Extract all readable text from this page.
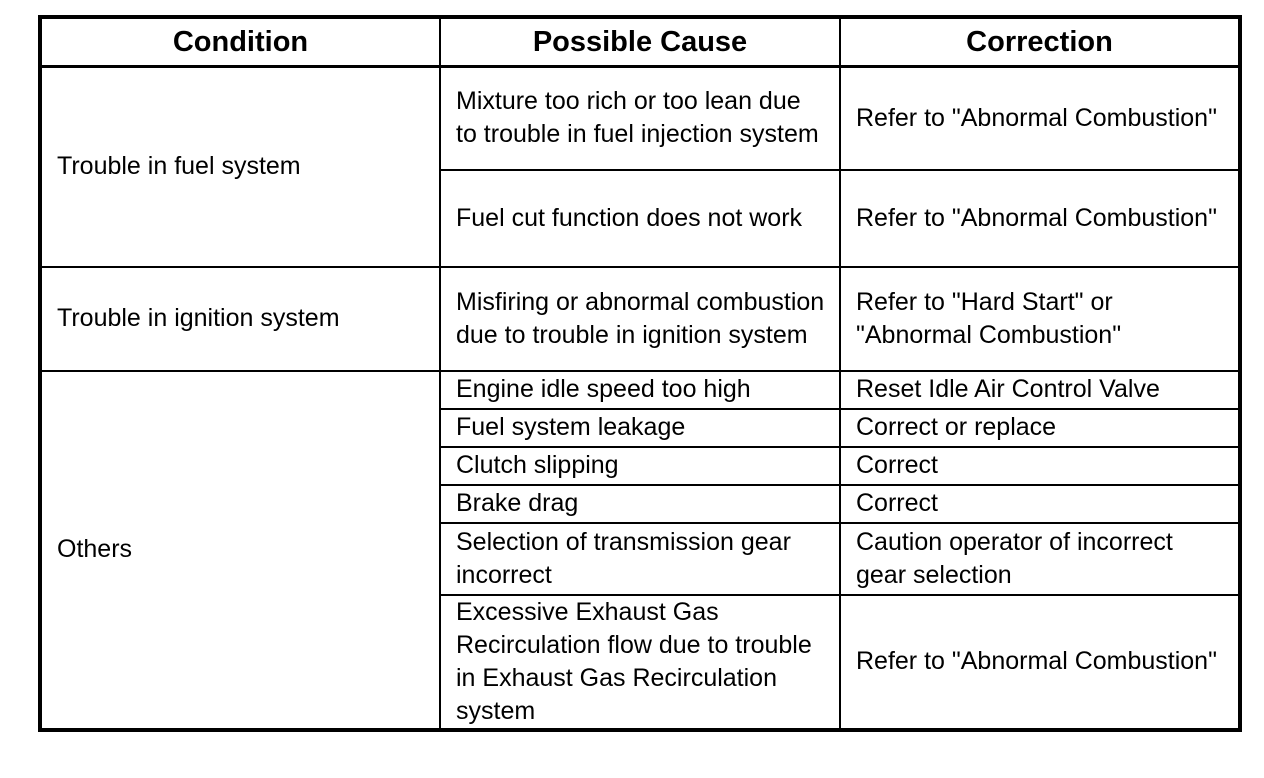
Condition	Possible Cause	Correction
Trouble in fuel system	Mixture too rich or too lean due to trouble in fuel injection system	Refer to "Abnormal Combustion"
	Fuel cut function does not work	Refer to "Abnormal Combustion"
Trouble in ignition system	Misfiring or abnormal combustion due to trouble in ignition system	Refer to "Hard Start" or "Abnormal Combustion"
Others	Engine idle speed too high	Reset Idle Air Control Valve
	Fuel system leakage	Correct or replace
	Clutch slipping	Correct
	Brake drag	Correct
	Selection of transmission gear incorrect	Caution operator of incorrect gear selection
	Excessive Exhaust Gas Recirculation flow due to trouble in Exhaust Gas Recirculation system	Refer to "Abnormal Combustion"
